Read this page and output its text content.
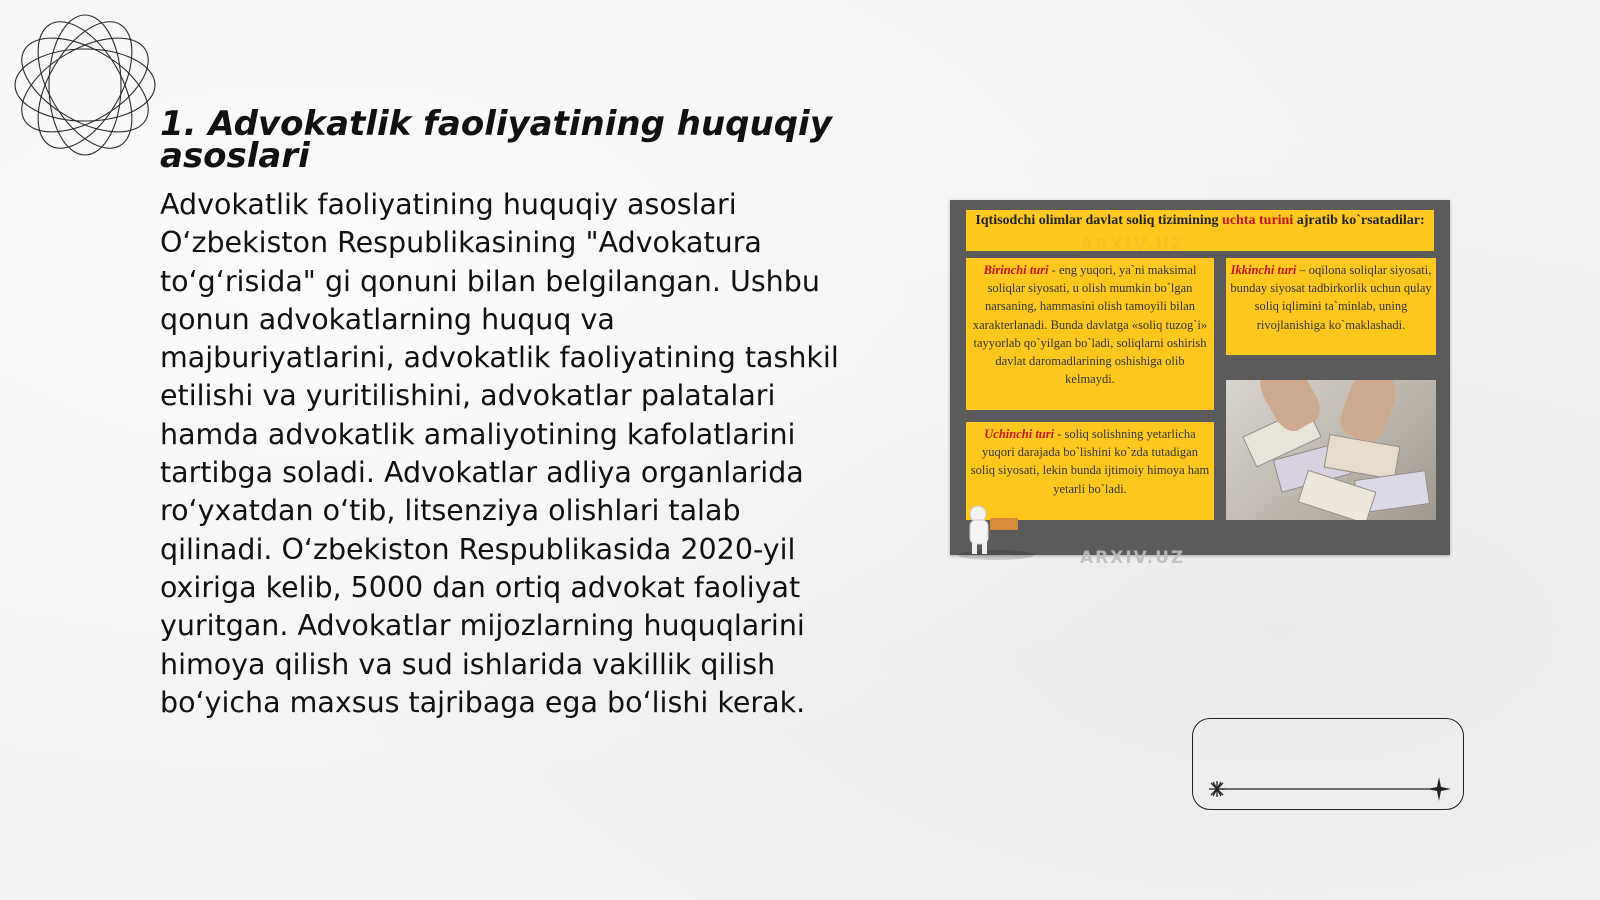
1. Advokatlik faoliyatining huquqiy asoslari

Advokatlik faoliyatining huquqiy asoslari O‘zbekiston Respublikasining "Advokatura to‘g‘risida" gi qonuni bilan belgilangan. Ushbu qonun advokatlarning huquq va majburiyatlarini, advokatlik faoliyatining tashkil etilishi va yuritilishini, advokatlar palatalari hamda advokatlik amaliyotining kafolatlarini tartibga soladi. Advokatlar adliya organlarida ro‘yxatdan o‘tib, litsenziya olishlari talab qilinadi. O‘zbekiston Respublikasida 2020-yil oxiriga kelib, 5000 dan ortiq advokat faoliyat yuritgan. Advokatlar mijozlarning huquqlarini himoya qilish va sud ishlarida vakillik qilish bo‘yicha maxsus tajribaga ega bo‘lishi kerak.

Iqtisodchi olimlar davlat soliq tizimining uchta turini ajratib ko`rsatadilar:
Birinchi turi - eng yuqori, ya`ni maksimal soliqlar siyosati, u olish mumkin bo`lgan narsaning, hammasini olish tamoyili bilan xarakterlanadi. Bunda davlatga «soliq tuzog`i» tayyorlab qo`yilgan bo`ladi, soliqlarni oshirish davlat daromadlarining oshishiga olib kelmaydi.
Ikkinchi turi – oqilona soliqlar siyosati, bunday siyosat tadbirkorlik uchun qulay soliq iqlimini ta`minlab, uning rivojlanishiga ko`maklashadi.
Uchinchi turi - soliq solishning yetarlicha yuqori darajada bo`lishini ko`zda tutadigan soliq siyosati, lekin bunda ijtimoiy himoya ham yetarli bo`ladi.
ARXIV.UZ
ARXIV.UZ
